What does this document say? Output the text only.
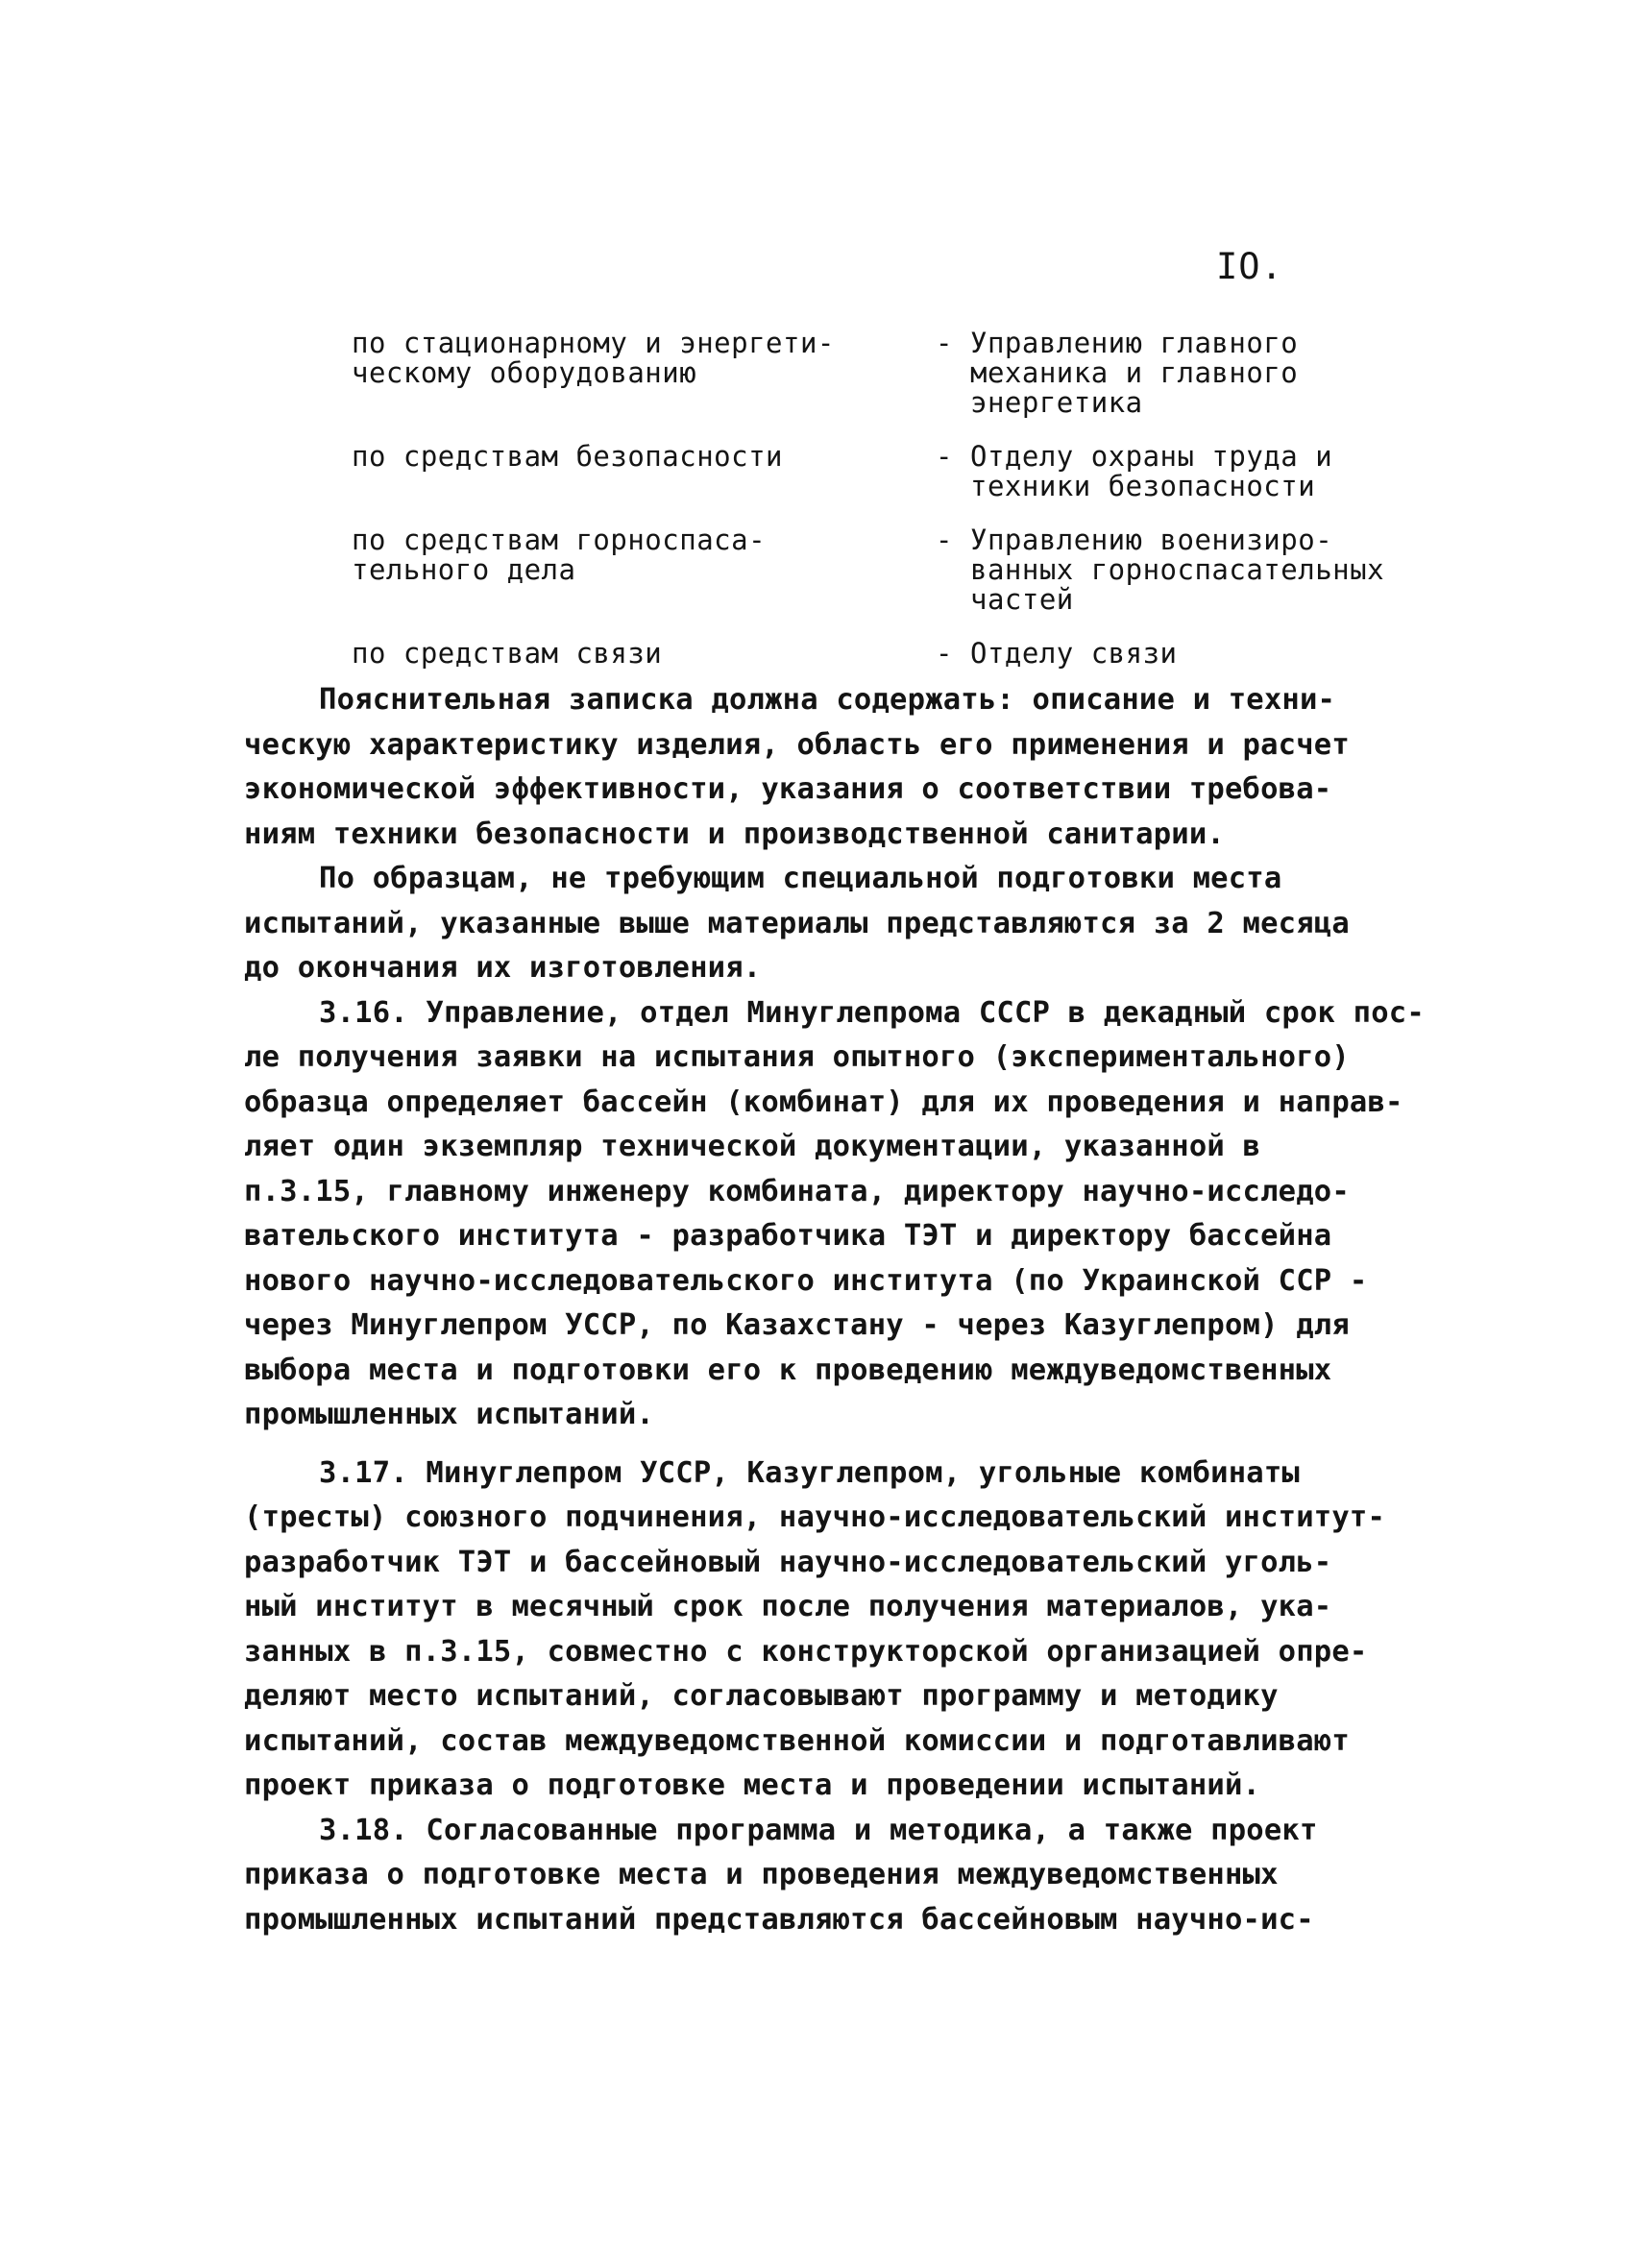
IO.
по стационарному и энергети-
ческому оборудованию	-	Управлению главного
механика и главного
энергетика
по средствам безопасности	-	Отделу охраны труда и
техники безопасности
по средствам горноспаса-
тельного дела	-	Управлению военизиро-
ванных горноспасательных
частей
по средствам связи	-	Отделу связи
Пояснительная записка должна содержать: описание и техни-
ческую характеристику изделия, область его применения и расчет
экономической эффективности, указания о соответствии требова-
ниям техники безопасности и производственной санитарии.
По образцам, не требующим специальной подготовки места
испытаний, указанные выше материалы представляются за 2 месяца
до окончания их изготовления.
3.16. Управление, отдел Минуглепрома СССР в декадный срок пос-
ле получения заявки на испытания опытного (экспериментального)
образца определяет бассейн (комбинат) для их проведения и направ-
ляет один экземпляр технической документации, указанной в
п.3.15, главному инженеру комбината, директору научно-исследо-
вательского института - разработчика ТЭТ и директору бассейна
нового научно-исследовательского института (по Украинской ССР -
через Минуглепром УССР, по Казахстану - через Казуглепром) для
выбора места и подготовки его к проведению междуведомственных
промышленных испытаний.
3.17. Минуглепром УССР, Казуглепром, угольные комбинаты
(тресты) союзного подчинения, научно-исследовательский институт-
разработчик ТЭТ и бассейновый научно-исследовательский уголь-
ный институт в месячный срок после получения материалов, ука-
занных в п.3.15, совместно с конструкторской организацией опре-
деляют место испытаний, согласовывают программу и методику
испытаний, состав междуведомственной комиссии и подготавливают
проект приказа о подготовке места и проведении испытаний.
3.18. Согласованные программа и методика, а также проект
приказа о подготовке места и проведения междуведомственных
промышленных испытаний представляются бассейновым научно-ис-
